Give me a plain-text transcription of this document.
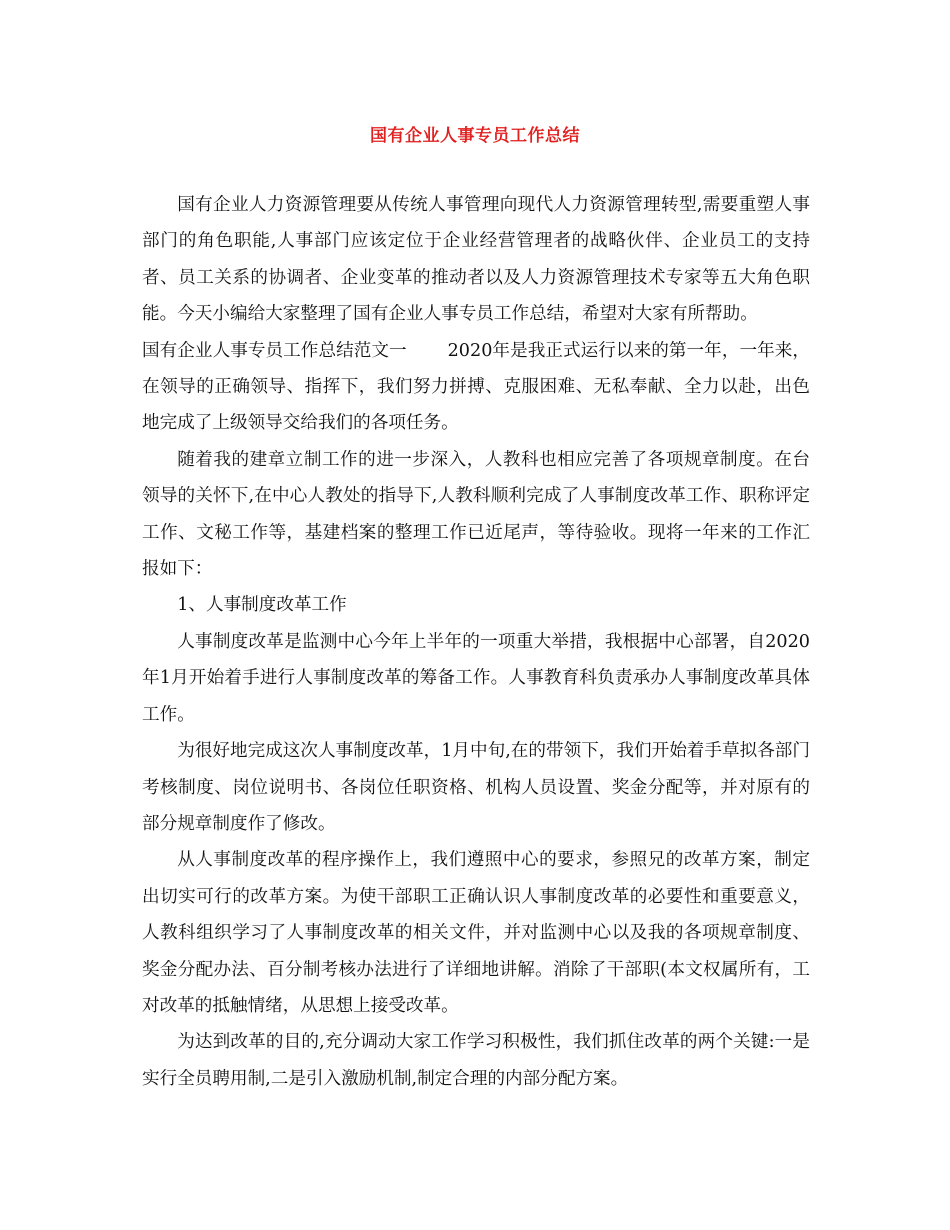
国有企业人事专员工作总结

国有企业人力资源管理要从传统人事管理向现代人力资源管理转型,需要重塑人事部门的角色职能,人事部门应该定位于企业经营管理者的战略伙伴、企业员工的支持者、员工关系的协调者、企业变革的推动者以及人力资源管理技术专家等五大角色职能。今天小编给大家整理了国有企业人事专员工作总结，希望对大家有所帮助。

国有企业人事专员工作总结范文一　　 2020年是我正式运行以来的第一年，一年来，在领导的正确领导、指挥下，我们努力拼搏、克服困难、无私奉献、全力以赴，出色地完成了上级领导交给我们的各项任务。

随着我的建章立制工作的进一步深入，人教科也相应完善了各项规章制度。在台领导的关怀下,在中心人教处的指导下,人教科顺利完成了人事制度改革工作、职称评定工作、文秘工作等，基建档案的整理工作已近尾声，等待验收。现将一年来的工作汇报如下：

1、人事制度改革工作

人事制度改革是监测中心今年上半年的一项重大举措，我根据中心部署，自2020年1月开始着手进行人事制度改革的筹备工作。人事教育科负责承办人事制度改革具体工作。

为很好地完成这次人事制度改革，1月中旬,在的带领下，我们开始着手草拟各部门考核制度、岗位说明书、各岗位任职资格、机构人员设置、奖金分配等，并对原有的部分规章制度作了修改。

从人事制度改革的程序操作上，我们遵照中心的要求，参照兄的改革方案，制定出切实可行的改革方案。为使干部职工正确认识人事制度改革的必要性和重要意义，人教科组织学习了人事制度改革的相关文件，并对监测中心以及我的各项规章制度、奖金分配办法、百分制考核办法进行了详细地讲解。消除了干部职(本文权属所有，工对改革的抵触情绪，从思想上接受改革。

为达到改革的目的,充分调动大家工作学习积极性，我们抓住改革的两个关键:一是实行全员聘用制,二是引入激励机制,制定合理的内部分配方案。
